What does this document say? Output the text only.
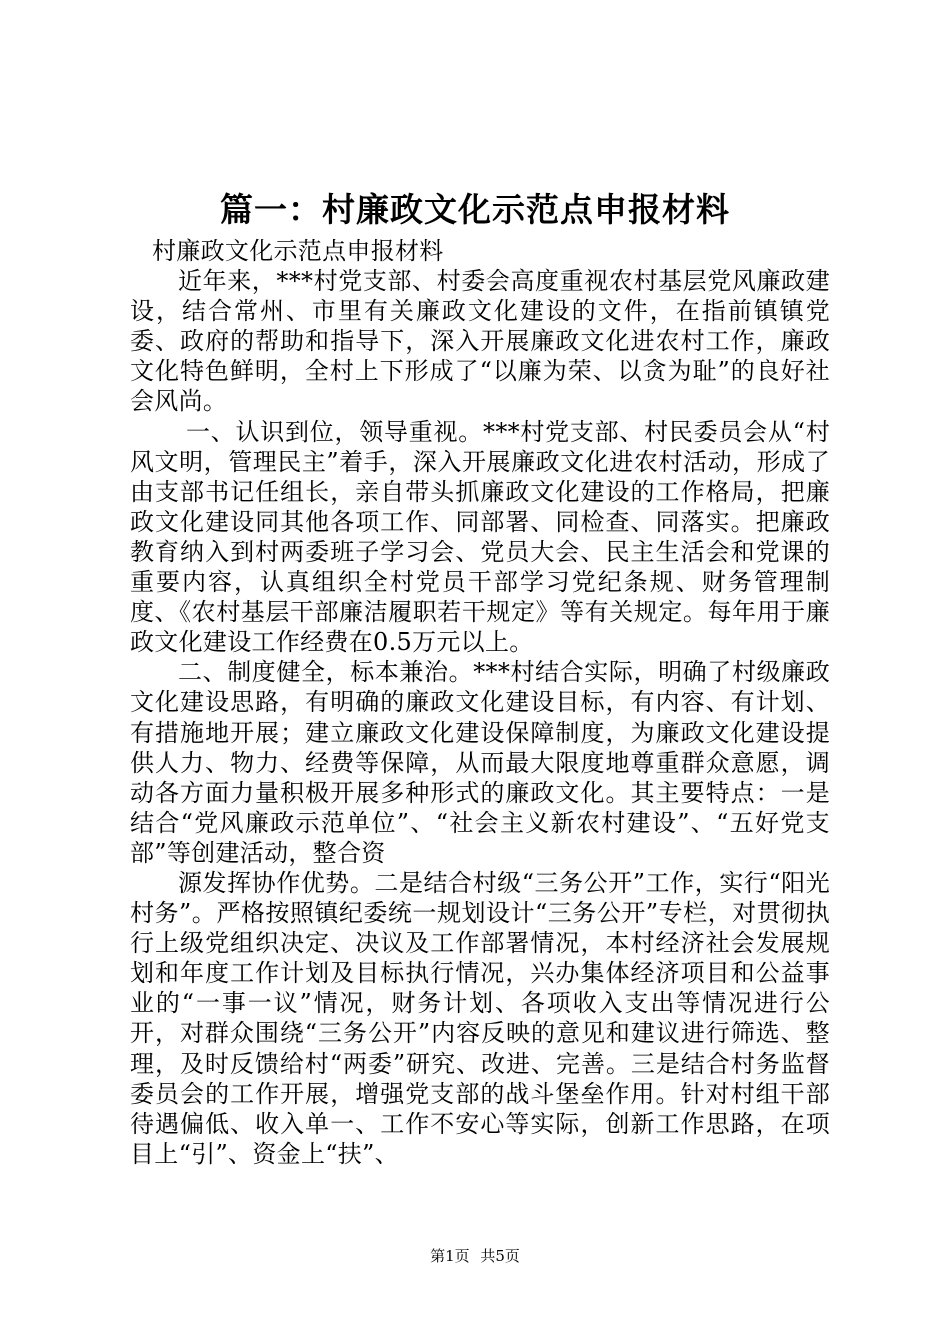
篇一：村廉政文化示范点申报材料

村廉政文化示范点申报材料

近年来，***村党支部、村委会高度重视农村基层党风廉政建设，结合常州、市里有关廉政文化建设的文件，在指前镇镇党委、政府的帮助和指导下，深入开展廉政文化进农村工作，廉政文化特色鲜明，全村上下形成了“以廉为荣、以贪为耻”的良好社会风尚。

一、认识到位，领导重视。***村党支部、村民委员会从“村风文明，管理民主”着手，深入开展廉政文化进农村活动，形成了由支部书记任组长，亲自带头抓廉政文化建设的工作格局，把廉政文化建设同其他各项工作、同部署、同检查、同落实。把廉政教育纳入到村两委班子学习会、党员大会、民主生活会和党课的重要内容，认真组织全村党员干部学习党纪条规、财务管理制度、《农村基层干部廉洁履职若干规定》等有关规定。每年用于廉政文化建设工作经费在0.5万元以上。

二、制度健全，标本兼治。***村结合实际，明确了村级廉政文化建设思路，有明确的廉政文化建设目标，有内容、有计划、有措施地开展；建立廉政文化建设保障制度，为廉政文化建设提供人力、物力、经费等保障，从而最大限度地尊重群众意愿，调动各方面力量积极开展多种形式的廉政文化。其主要特点：一是结合“党风廉政示范单位”、“社会主义新农村建设”、“五好党支部”等创建活动，整合资

源发挥协作优势。二是结合村级“三务公开”工作，实行“阳光村务”。严格按照镇纪委统一规划设计“三务公开”专栏，对贯彻执行上级党组织决定、决议及工作部署情况，本村经济社会发展规划和年度工作计划及目标执行情况，兴办集体经济项目和公益事业的“一事一议”情况，财务计划、各项收入支出等情况进行公开，对群众围绕“三务公开”内容反映的意见和建议进行筛选、整理，及时反馈给村“两委”研究、改进、完善。三是结合村务监督委员会的工作开展，增强党支部的战斗堡垒作用。针对村组干部待遇偏低、收入单一、工作不安心等实际，创新工作思路，在项目上“引”、资金上“扶”、

第1页 共5页
